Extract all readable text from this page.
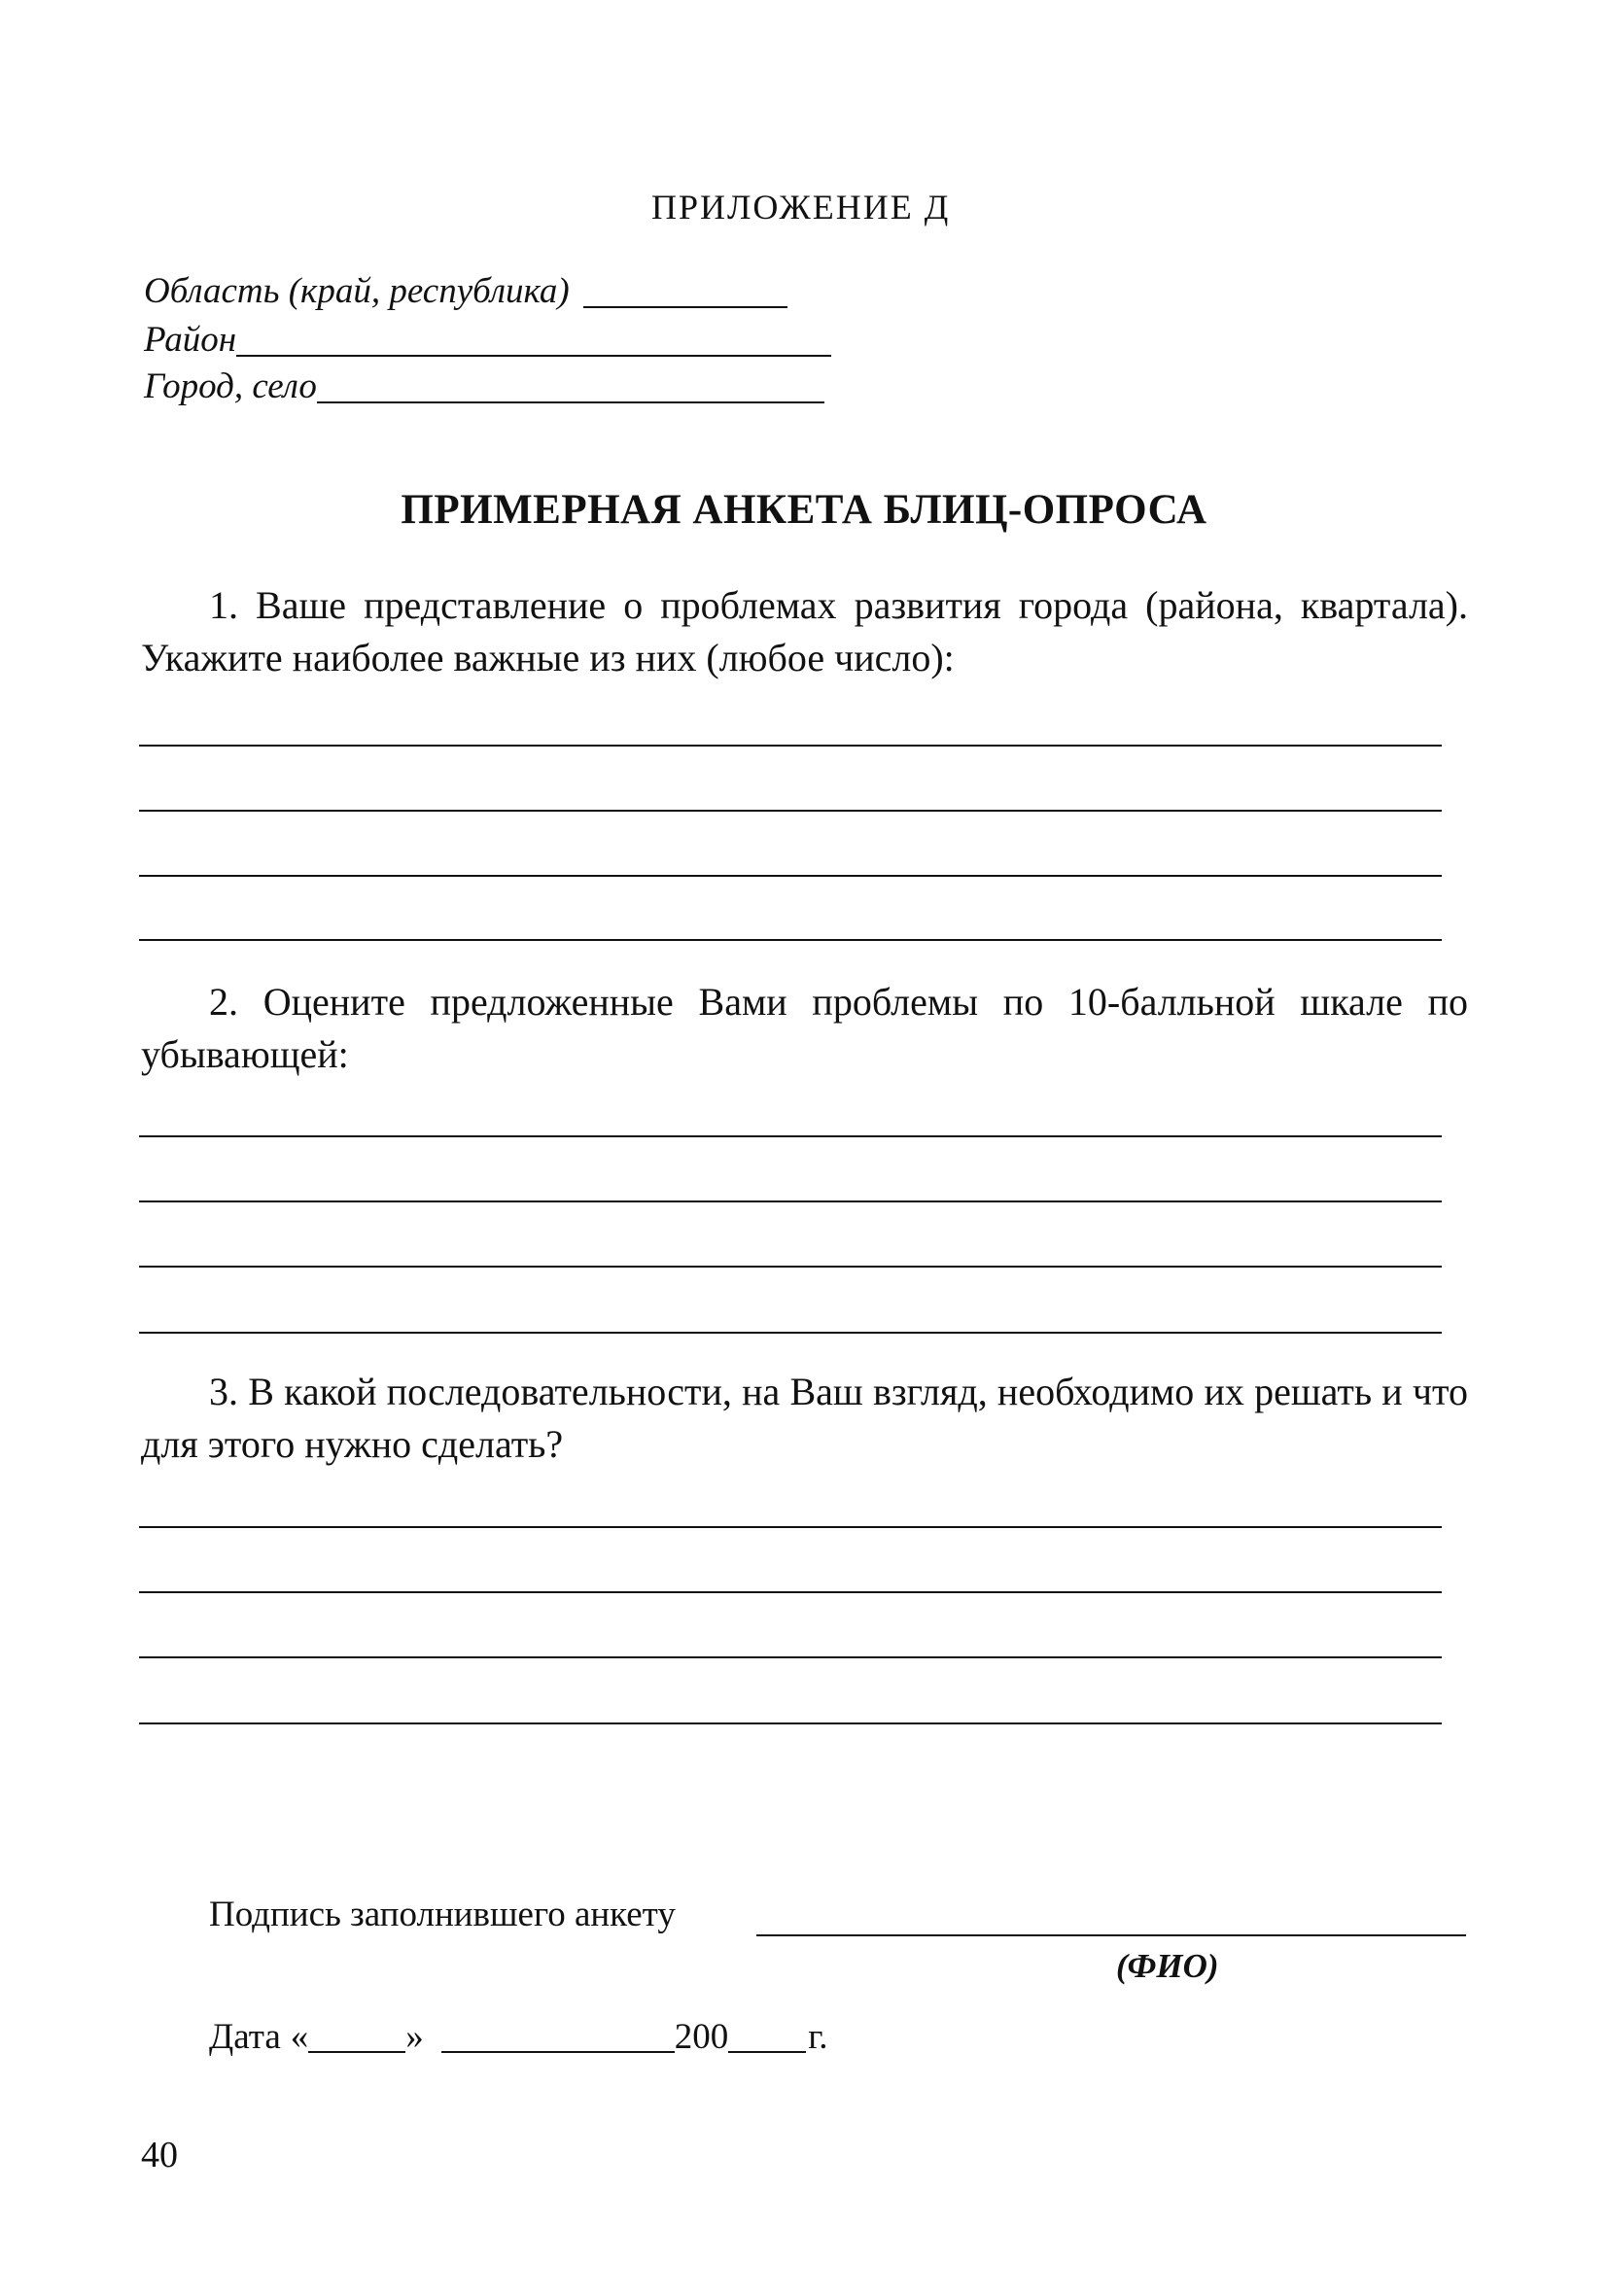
ПРИЛОЖЕНИЕ Д
Область (край, республика)
Район
Город, село
ПРИМЕРНАЯ АНКЕТА БЛИЦ-ОПРОСА

1. Ваше представление о проблемах развития города (района, квартала). Укажите наиболее важные из них (любое число):

2. Оцените предложенные Вами проблемы по 10-балльной шкале по убывающей:

3. В какой последовательности, на Ваш взгляд, необходимо их решать и что для этого нужно сделать?

Подпись заполнившего анкету
(ФИО)
Дата «	»	200 г.
40
